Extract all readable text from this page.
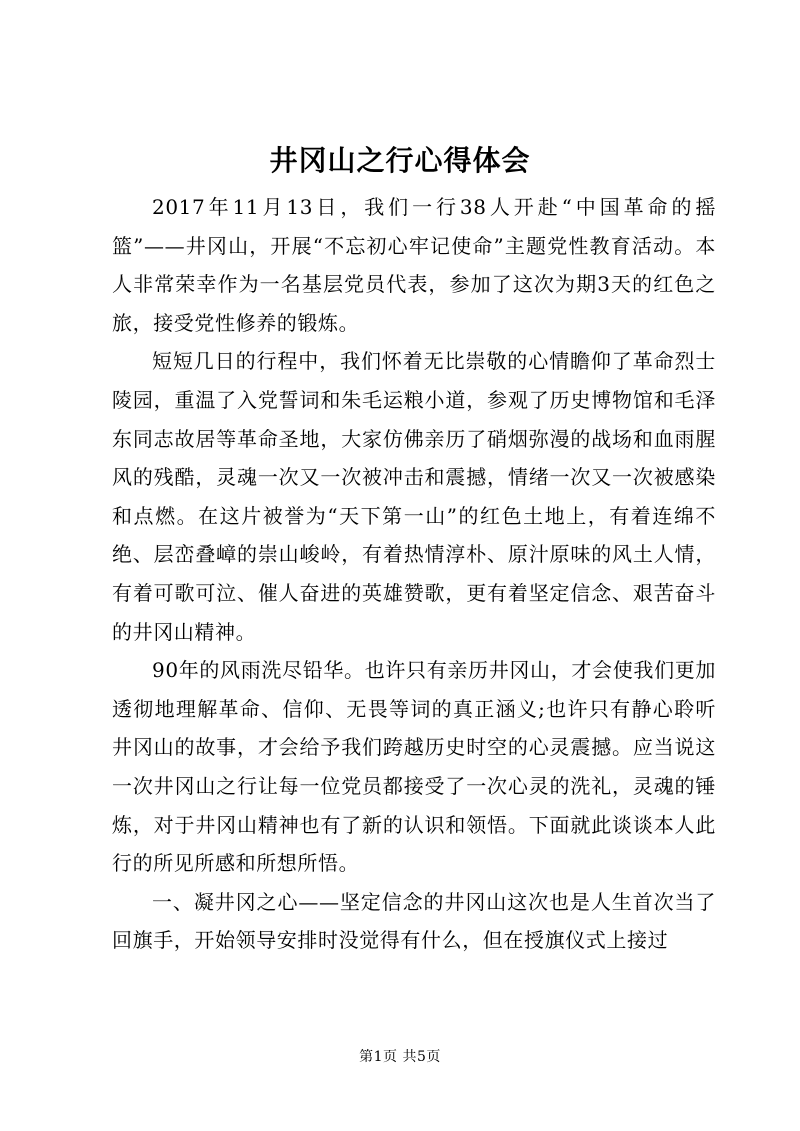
井冈山之行心得体会

2017年11月13日，我们一行38人开赴“中国革命的摇篮”——井冈山，开展“不忘初心牢记使命”主题党性教育活动。本人非常荣幸作为一名基层党员代表，参加了这次为期3天的红色之旅，接受党性修养的锻炼。

短短几日的行程中，我们怀着无比崇敬的心情瞻仰了革命烈士陵园，重温了入党誓词和朱毛运粮小道，参观了历史博物馆和毛泽东同志故居等革命圣地，大家仿佛亲历了硝烟弥漫的战场和血雨腥风的残酷，灵魂一次又一次被冲击和震撼，情绪一次又一次被感染和点燃。在这片被誉为“天下第一山”的红色土地上，有着连绵不绝、层峦叠嶂的崇山峻岭，有着热情淳朴、原汁原味的风土人情，有着可歌可泣、催人奋进的英雄赞歌，更有着坚定信念、艰苦奋斗的井冈山精神。

90年的风雨洗尽铅华。也许只有亲历井冈山，才会使我们更加透彻地理解革命、信仰、无畏等词的真正涵义;也许只有静心聆听井冈山的故事，才会给予我们跨越历史时空的心灵震撼。应当说这一次井冈山之行让每一位党员都接受了一次心灵的洗礼，灵魂的锤炼，对于井冈山精神也有了新的认识和领悟。下面就此谈谈本人此行的所见所感和所想所悟。

一、凝井冈之心——坚定信念的井冈山这次也是人生首次当了回旗手，开始领导安排时没觉得有什么，但在授旗仪式上接过

第1页 共5页
